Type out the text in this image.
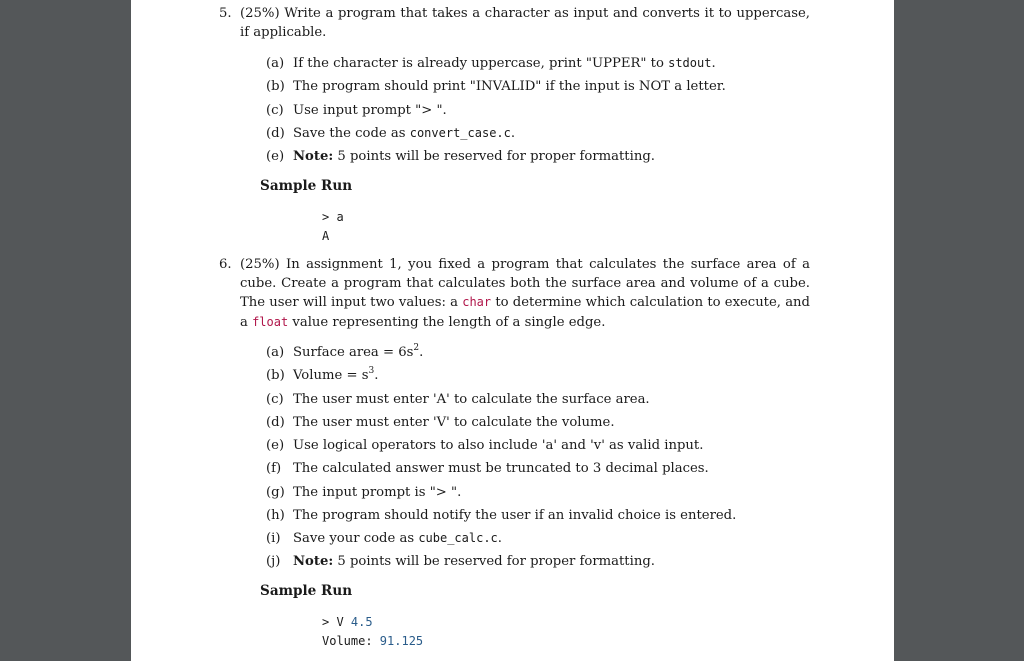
5. (25%) Write a program that takes a character as input and converts it to uppercase, if applicable.
(a) If the character is already uppercase, print "UPPER" to stdout.
(b) The program should print "INVALID" if the input is NOT a letter.
(c) Use input prompt "> ".
(d) Save the code as convert_case.c.
(e) Note: 5 points will be reserved for proper formatting.
Sample Run
> a
A
6. (25%) In assignment 1, you fixed a program that calculates the surface area of a cube. Create a program that calculates both the surface area and volume of a cube. The user will input two values: a char to determine which calculation to execute, and a float value representing the length of a single edge.
(a) Surface area = $6s^2$.
(b) Volume = $s^3$.
(c) The user must enter 'A' to calculate the surface area.
(d) The user must enter 'V' to calculate the volume.
(e) Use logical operators to also include 'a' and 'v' as valid input.
(f) The calculated answer must be truncated to 3 decimal places.
(g) The input prompt is "> ".
(h) The program should notify the user if an invalid choice is entered.
(i) Save your code as cube_calc.c.
(j) Note: 5 points will be reserved for proper formatting.
Sample Run
> V 4.5
Volume: 91.125
